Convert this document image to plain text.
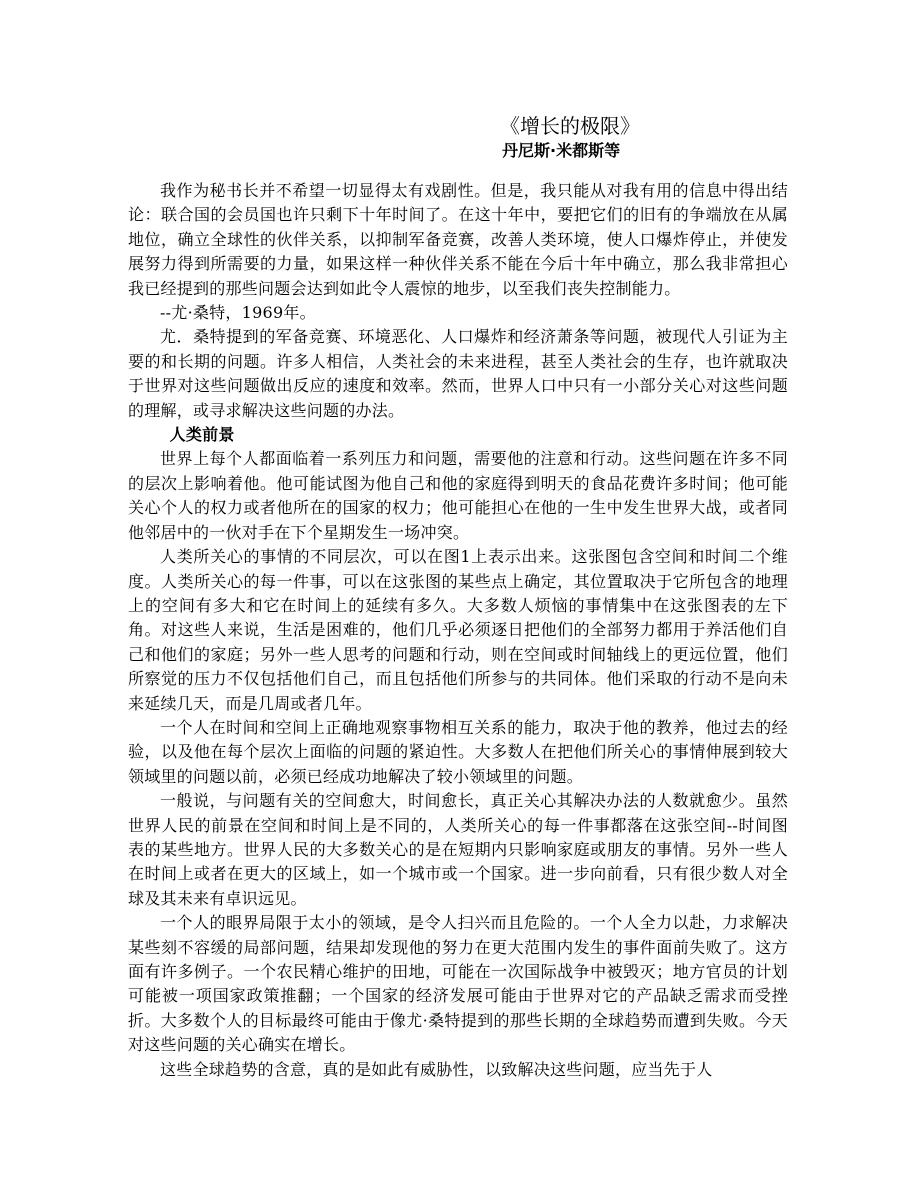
《增长的极限》
丹尼斯·米都斯等

我作为秘书长并不希望一切显得太有戏剧性。但是，我只能从对我有用的信息中得出结论：联合国的会员国也许只剩下十年时间了。在这十年中，要把它们的旧有的争端放在从属地位，确立全球性的伙伴关系，以抑制军备竞赛，改善人类环境，使人口爆炸停止，并使发展努力得到所需要的力量，如果这样一种伙伴关系不能在今后十年中确立，那么我非常担心我已经提到的那些问题会达到如此令人震惊的地步，以至我们丧失控制能力。

--尤·桑特，1969年。

尤．桑特提到的军备竞赛、环境恶化、人口爆炸和经济萧条等问题，被现代人引证为主要的和长期的问题。许多人相信，人类社会的未来进程，甚至人类社会的生存，也许就取决于世界对这些问题做出反应的速度和效率。然而，世界人口中只有一小部分关心对这些问题的理解，或寻求解决这些问题的办法。

人类前景

世界上每个人都面临着一系列压力和问题，需要他的注意和行动。这些问题在许多不同的层次上影响着他。他可能试图为他自己和他的家庭得到明天的食品花费许多时间；他可能关心个人的权力或者他所在的国家的权力；他可能担心在他的一生中发生世界大战，或者同他邻居中的一伙对手在下个星期发生一场冲突。

人类所关心的事情的不同层次，可以在图1上表示出来。这张图包含空间和时间二个维度。人类所关心的每一件事，可以在这张图的某些点上确定，其位置取决于它所包含的地理上的空间有多大和它在时间上的延续有多久。大多数人烦恼的事情集中在这张图表的左下角。对这些人来说，生活是困难的，他们几乎必须逐日把他们的全部努力都用于养活他们自己和他们的家庭；另外一些人思考的问题和行动，则在空间或时间轴线上的更远位置，他们所察觉的压力不仅包括他们自己，而且包括他们所参与的共同体。他们采取的行动不是向未来延续几天，而是几周或者几年。

一个人在时间和空间上正确地观察事物相互关系的能力，取决于他的教养，他过去的经验，以及他在每个层次上面临的问题的紧迫性。大多数人在把他们所关心的事情伸展到较大领域里的问题以前，必须已经成功地解决了较小领域里的问题。

一般说，与问题有关的空间愈大，时间愈长，真正关心其解决办法的人数就愈少。虽然世界人民的前景在空间和时间上是不同的，人类所关心的每一件事都落在这张空间--时间图表的某些地方。世界人民的大多数关心的是在短期内只影响家庭或朋友的事情。另外一些人在时间上或者在更大的区域上，如一个城市或一个国家。进一步向前看，只有很少数人对全球及其未来有卓识远见。

一个人的眼界局限于太小的领域，是令人扫兴而且危险的。一个人全力以赴，力求解决某些刻不容缓的局部问题，结果却发现他的努力在更大范围内发生的事件面前失败了。这方面有许多例子。一个农民精心维护的田地，可能在一次国际战争中被毁灭；地方官员的计划可能被一项国家政策推翻；一个国家的经济发展可能由于世界对它的产品缺乏需求而受挫折。大多数个人的目标最终可能由于像尤·桑特提到的那些长期的全球趋势而遭到失败。今天对这些问题的关心确实在增长。

这些全球趋势的含意，真的是如此有威胁性，以致解决这些问题，应当先于人
